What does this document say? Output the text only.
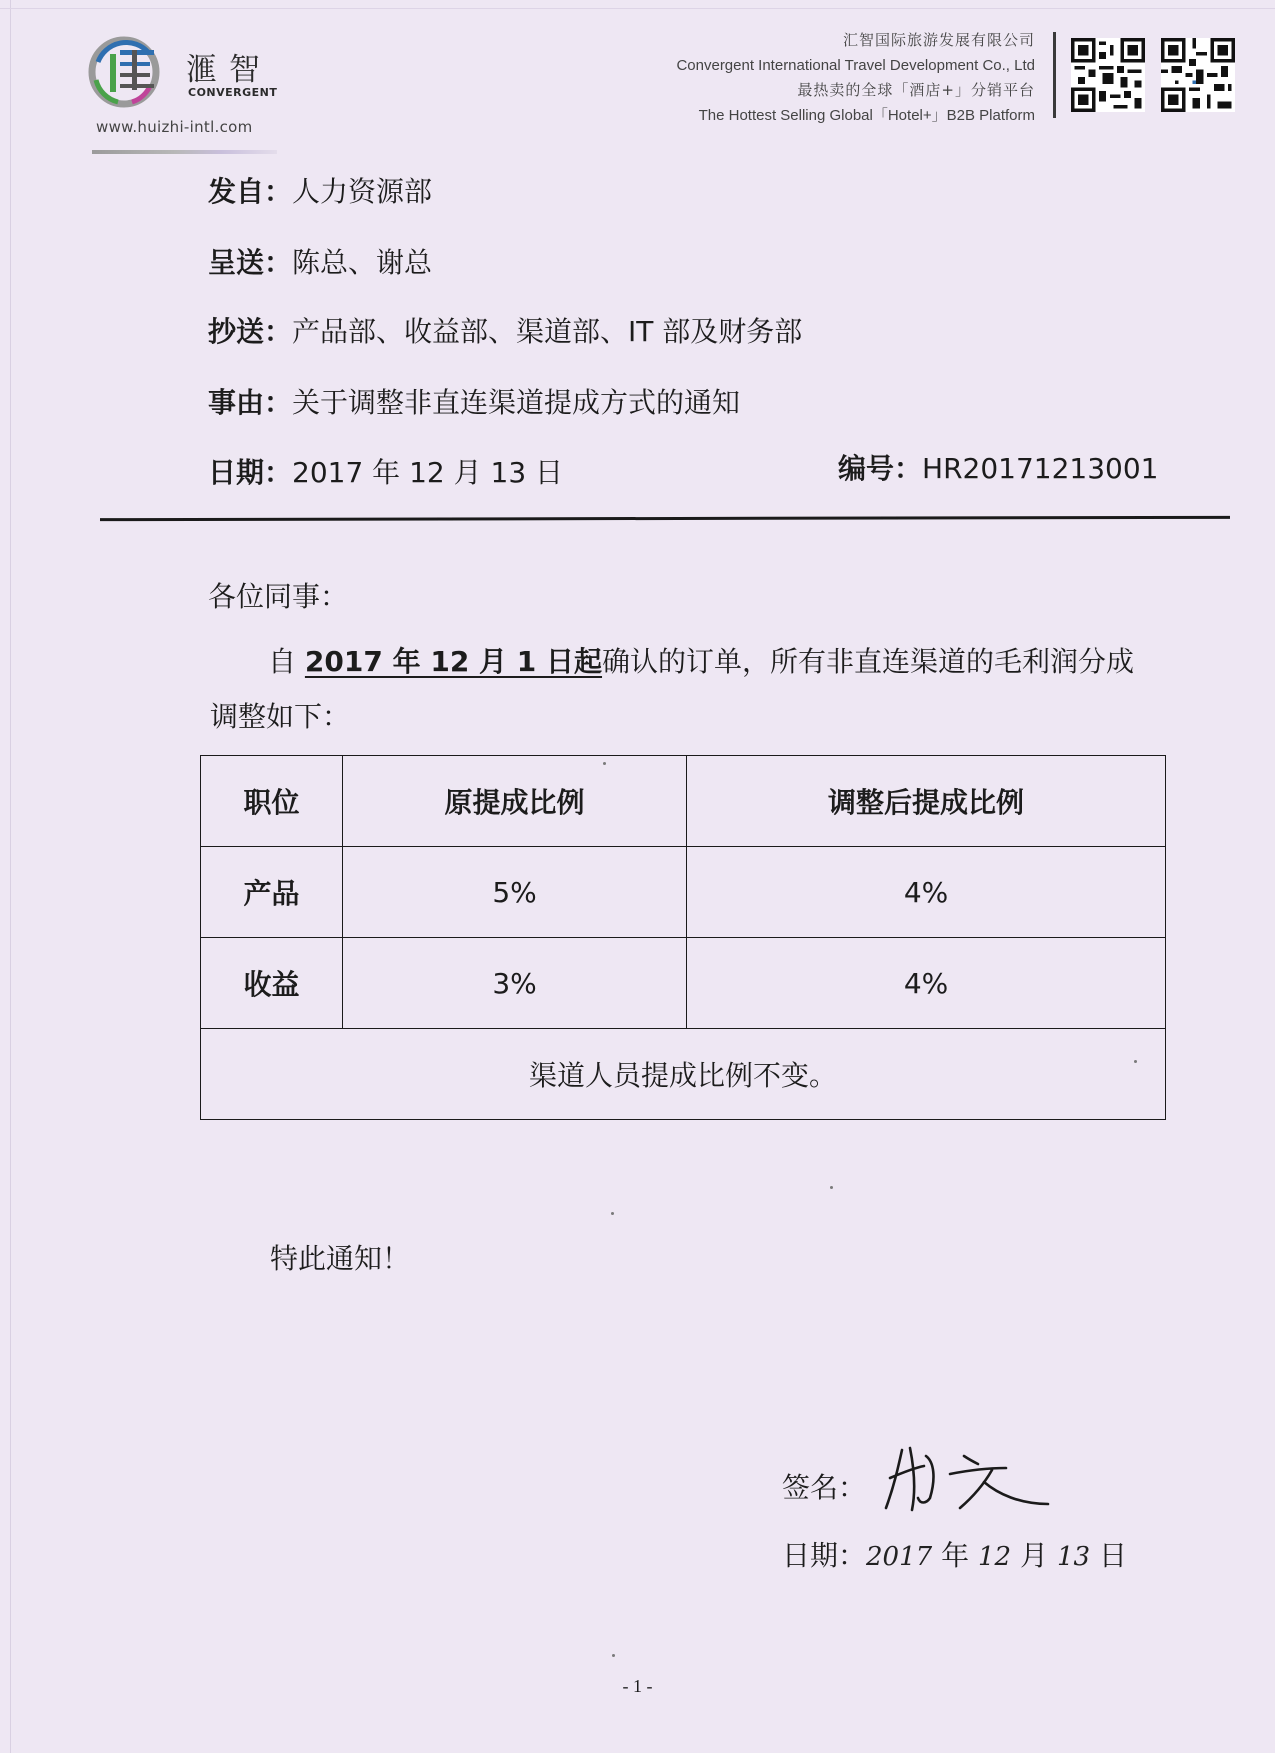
滙智
CONVERGENT
www.huizhi-intl.com
汇智国际旅游发展有限公司
Convergent International Travel Development Co., Ltd
最热卖的全球「酒店+」分销平台
The Hottest Selling Global「Hotel+」B2B Platform
发自：人力资源部
呈送：陈总、谢总
抄送：产品部、收益部、渠道部、IT 部及财务部
事由：关于调整非直连渠道提成方式的通知
日期：2017 年 12 月 13 日	编号：HR20171213001
各位同事：
自 2017 年 12 月 1 日起确认的订单，所有非直连渠道的毛利润分成
调整如下：
职位	原提成比例	调整后提成比例
产品	5%	4%
收益	3%	4%
渠道人员提成比例不变。		
特此通知！
签名：
日期：2017 年 12 月 13 日
- 1 -
